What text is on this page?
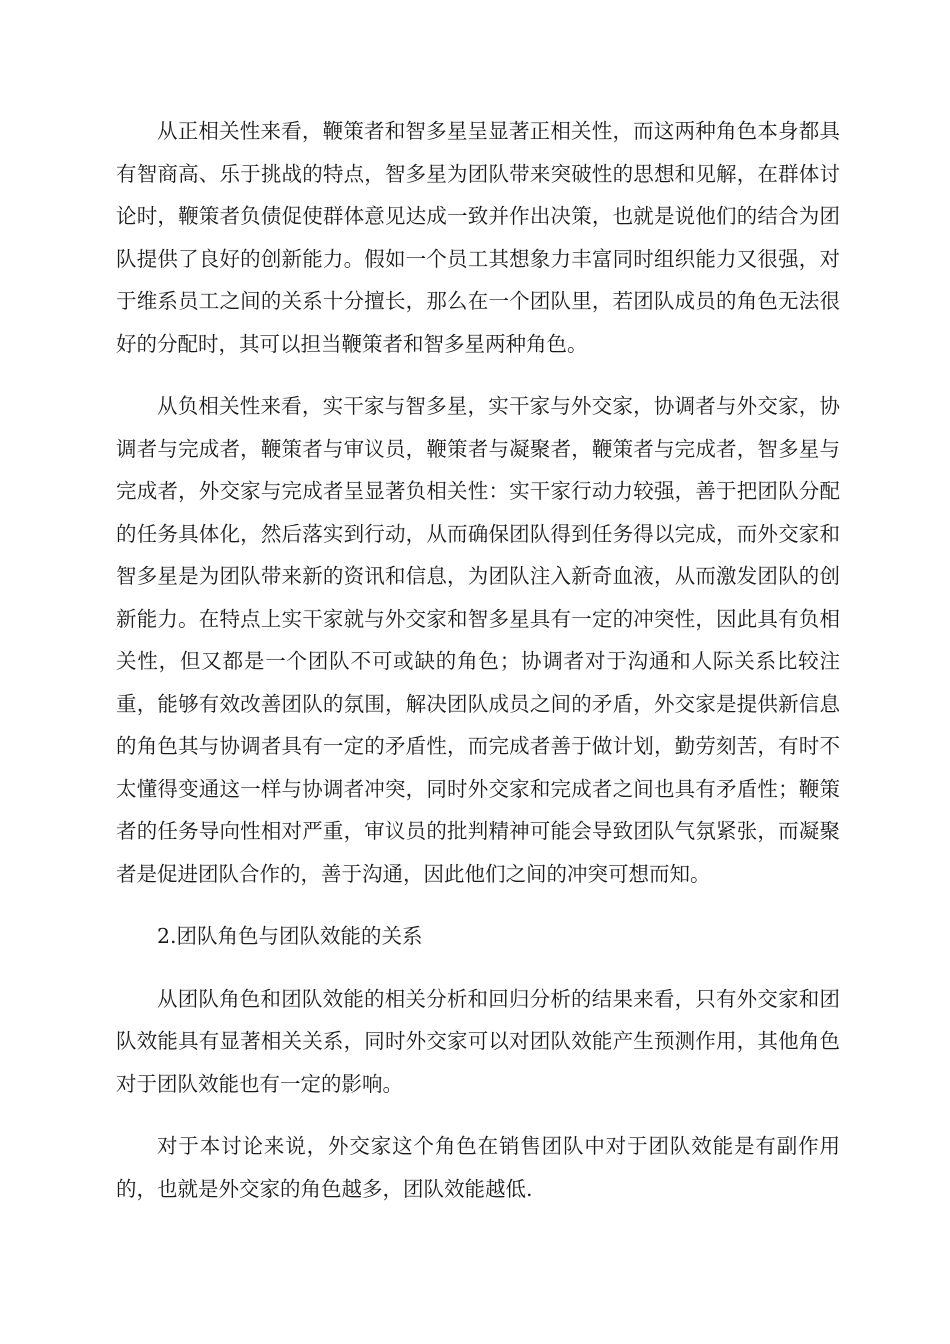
从正相关性来看，鞭策者和智多星呈显著正相关性，而这两种角色本身都具有智商高、乐于挑战的特点，智多星为团队带来突破性的思想和见解，在群体讨论时，鞭策者负债促使群体意见达成一致并作出决策，也就是说他们的结合为团队提供了良好的创新能力。假如一个员工其想象力丰富同时组织能力又很强，对于维系员工之间的关系十分擅长，那么在一个团队里，若团队成员的角色无法很好的分配时，其可以担当鞭策者和智多星两种角色。

从负相关性来看，实干家与智多星，实干家与外交家，协调者与外交家，协调者与完成者，鞭策者与审议员，鞭策者与凝聚者，鞭策者与完成者，智多星与完成者，外交家与完成者呈显著负相关性：实干家行动力较强，善于把团队分配的任务具体化，然后落实到行动，从而确保团队得到任务得以完成，而外交家和智多星是为团队带来新的资讯和信息，为团队注入新奇血液，从而激发团队的创新能力。在特点上实干家就与外交家和智多星具有一定的冲突性，因此具有负相关性，但又都是一个团队不可或缺的角色；协调者对于沟通和人际关系比较注重，能够有效改善团队的氛围，解决团队成员之间的矛盾，外交家是提供新信息的角色其与协调者具有一定的矛盾性，而完成者善于做计划，勤劳刻苦，有时不太懂得变通这一样与协调者冲突，同时外交家和完成者之间也具有矛盾性；鞭策者的任务导向性相对严重，审议员的批判精神可能会导致团队气氛紧张，而凝聚者是促进团队合作的，善于沟通，因此他们之间的冲突可想而知。

2.团队角色与团队效能的关系

从团队角色和团队效能的相关分析和回归分析的结果来看，只有外交家和团队效能具有显著相关关系，同时外交家可以对团队效能产生预测作用，其他角色对于团队效能也有一定的影响。

对于本讨论来说，外交家这个角色在销售团队中对于团队效能是有副作用的，也就是外交家的角色越多，团队效能越低.
